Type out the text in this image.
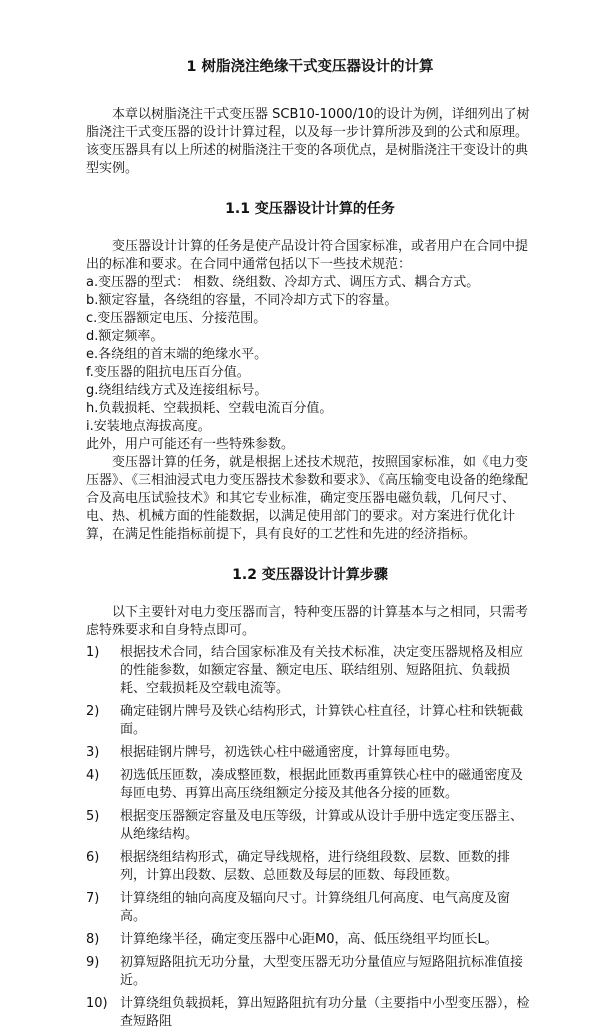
1 树脂浇注绝缘干式变压器设计的计算

本章以树脂浇注干式变压器 SCB10-1000/10的设计为例，详细列出了树脂浇注干式变压器的设计计算过程，以及每一步计算所涉及到的公式和原理。该变压器具有以上所述的树脂浇注干变的各项优点，是树脂浇注干变设计的典型实例。

1.1 变压器设计计算的任务

变压器设计计算的任务是使产品设计符合国家标准，或者用户在合同中提出的标准和要求。在合同中通常包括以下一些技术规范：

a.变压器的型式： 相数、绕组数、冷却方式、调压方式、耦合方式。
b.额定容量，各绕组的容量，不同冷却方式下的容量。
c.变压器额定电压、分接范围。
d.额定频率。
e.各绕组的首末端的绝缘水平。
f.变压器的阻抗电压百分值。
g.绕组结线方式及连接组标号。
h.负载损耗、空载损耗、空载电流百分值。
i.安装地点海拔高度。
此外，用户可能还有一些特殊参数。

变压器计算的任务，就是根据上述技术规范，按照国家标准，如《电力变压器》、《三相油浸式电力变压器技术参数和要求》、《高压输变电设备的绝缘配合及高电压试验技术》和其它专业标准，确定变压器电磁负载，几何尺寸、电、热、机械方面的性能数据，以满足使用部门的要求。对方案进行优化计算，在满足性能指标前提下，具有良好的工艺性和先进的经济指标。

1.2 变压器设计计算步骤

以下主要针对电力变压器而言，特种变压器的计算基本与之相同，只需考虑特殊要求和自身特点即可。

1)	根据技术合同，结合国家标准及有关技术标准，决定变压器规格及相应的性能参数，如额定容量、额定电压、联结组别、短路阻抗、负载损耗、空载损耗及空载电流等。
2)	确定硅钢片牌号及铁心结构形式，计算铁心柱直径，计算心柱和铁轭截面。
3)	根据硅钢片牌号，初选铁心柱中磁通密度，计算每匝电势。
4)	初选低压匝数，凑成整匝数，根据此匝数再重算铁心柱中的磁通密度及每匝电势、再算出高压绕组额定分接及其他各分接的匝数。
5)	根据变压器额定容量及电压等级，计算或从设计手册中选定变压器主、从绝缘结构。
6)	根据绕组结构形式，确定导线规格，进行绕组段数、层数、匝数的排列，计算出段数、层数、总匝数及每层的匝数、每段匝数。
7)	计算绕组的轴向高度及辐向尺寸。计算绕组几何高度、电气高度及窗高。
8)	计算绝缘半径，确定变压器中心距M0，高、低压绕组平均匝长L。
9)	初算短路阻抗无功分量，大型变压器无功分量值应与短路阻抗标准值接近。
10) 计算绕组负载损耗，算出短路阻抗有功分量（主要指中小型变压器），检查短路阻
